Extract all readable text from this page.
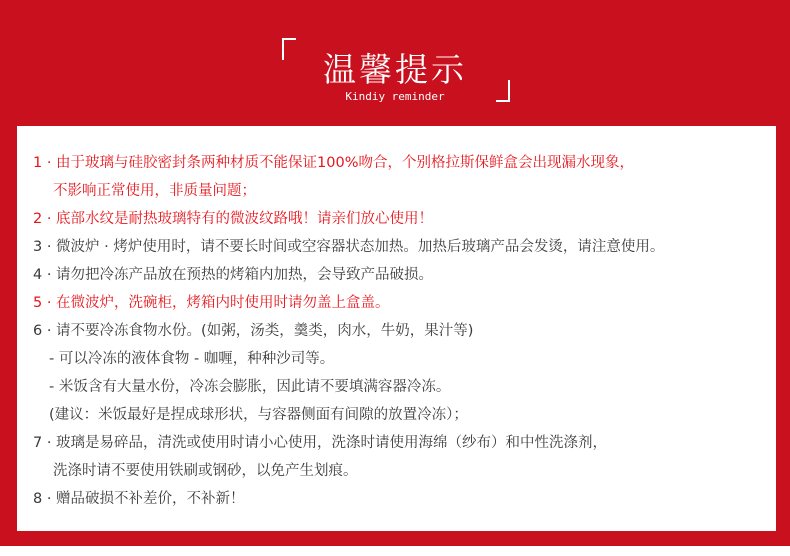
温馨提示
Kindiy reminder
1 · 由于玻璃与硅胶密封条两种材质不能保证100%吻合，个别格拉斯保鲜盒会出现漏水现象，
不影响正常使用，非质量问题；
2 · 底部水纹是耐热玻璃特有的微波纹路哦！请亲们放心使用！
3 · 微波炉 · 烤炉使用时，请不要长时间或空容器状态加热。加热后玻璃产品会发烫，请注意使用。
4 · 请勿把冷冻产品放在预热的烤箱内加热，会导致产品破损。
5 · 在微波炉，洗碗柜，烤箱内时使用时请勿盖上盒盖。
6 · 请不要冷冻食物水份。(如粥，汤类，羹类，肉水，牛奶，果汁等)
- 可以冷冻的液体食物 - 咖喱，种种沙司等。
- 米饭含有大量水份，冷冻会膨胀，因此请不要填满容器冷冻。
(建议：米饭最好是捏成球形状，与容器侧面有间隙的放置冷冻）；
7 · 玻璃是易碎品，清洗或使用时请小心使用，洗涤时请使用海绵（纱布）和中性洗涤剂，
洗涤时请不要使用铁刷或钢砂，以免产生划痕。
8 · 赠品破损不补差价，不补新！
